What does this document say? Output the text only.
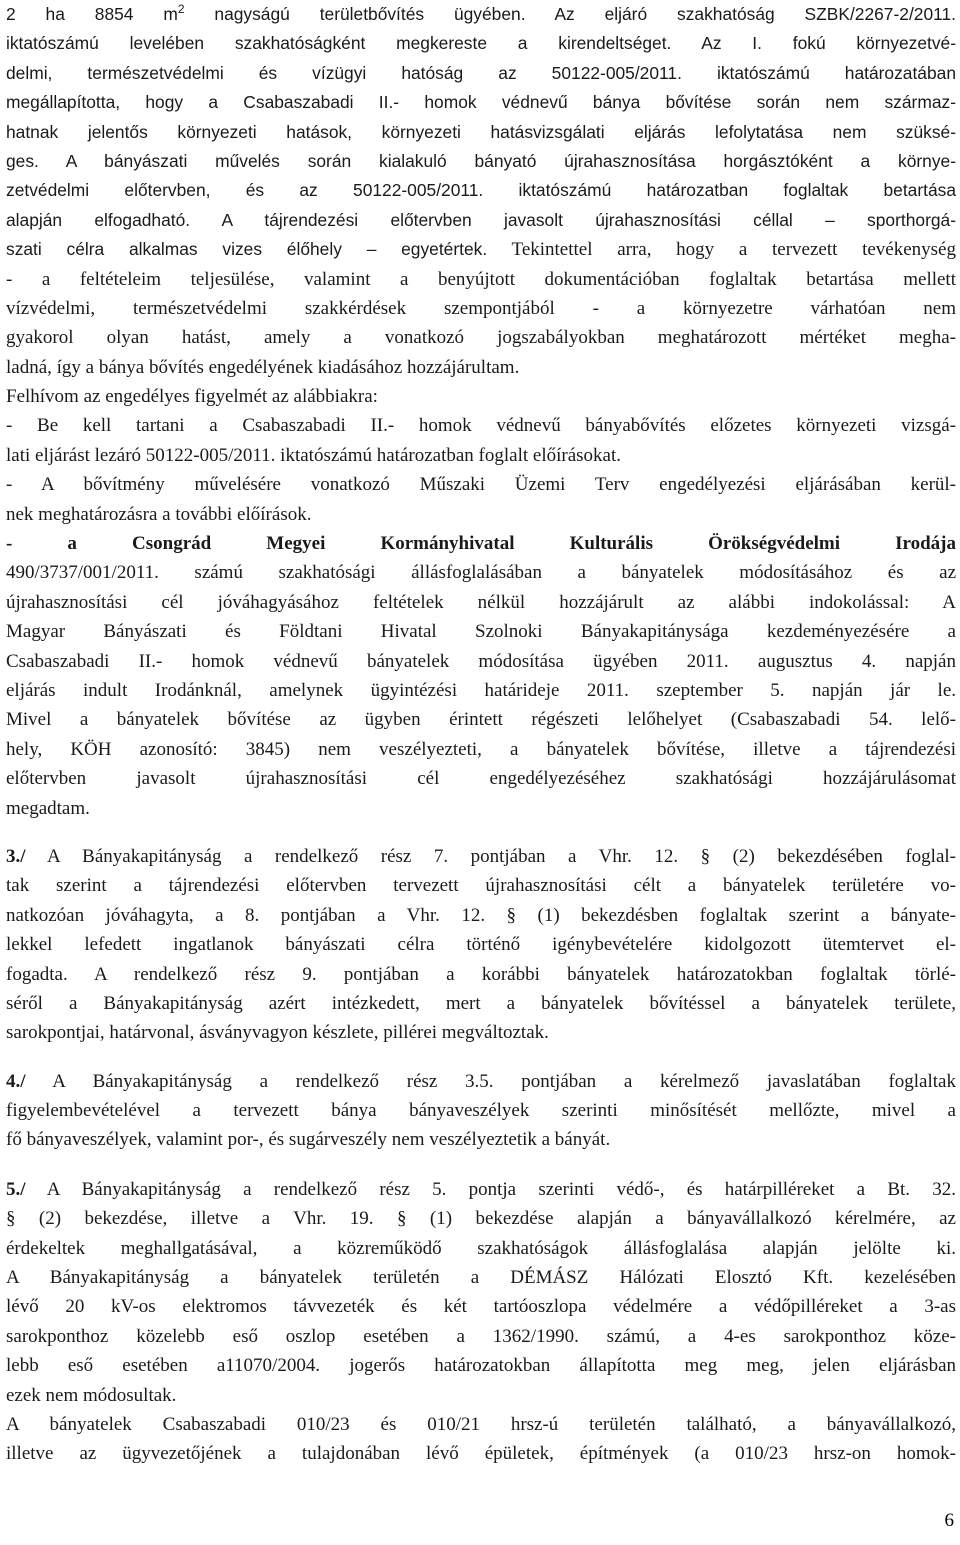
2 ha 8854 $m^2$ nagyságú területbővítés ügyében. Az eljáró szakhatóság SZBK/2267-2/2011.
iktatószámú levelében szakhatóságként megkereste a kirendeltséget. Az I. fokú környezetvé-
delmi, természetvédelmi és vízügyi hatóság az 50122-005/2011. iktatószámú határozatában
megállapította, hogy a Csabaszabadi II.- homok védnevű bánya bővítése során nem származ-
hatnak jelentős környezeti hatások, környezeti hatásvizsgálati eljárás lefolytatása nem szüksé-
ges. A bányászati művelés során kialakuló bányató újrahasznosítása horgásztóként a környe-
zetvédelmi előtervben, és az 50122-005/2011. iktatószámú határozatban foglaltak betartása
alapján elfogadható. A tájrendezési előtervben javasolt újrahasznosítási céllal – sporthorgá-
szati célra alkalmas vizes élőhely – egyetértek. Tekintettel arra, hogy a tervezett tevékenység
- a feltételeim teljesülése, valamint a benyújtott dokumentációban foglaltak betartása mellett
vízvédelmi, természetvédelmi szakkérdések szempontjából - a környezetre várhatóan nem
gyakorol olyan hatást, amely a vonatkozó jogszabályokban meghatározott mértéket megha-
ladná, így a bánya bővítés engedélyének kiadásához hozzájárultam.
Felhívom az engedélyes figyelmét az alábbiakra:
- Be kell tartani a Csabaszabadi II.- homok védnevű bányabővítés előzetes környezeti vizsgá-
lati eljárást lezáró 50122-005/2011. iktatószámú határozatban foglalt előírásokat.
- A bővítmény művelésére vonatkozó Műszaki Üzemi Terv engedélyezési eljárásában kerül-
nek meghatározásra a további előírások.
- a Csongrád Megyei Kormányhivatal Kulturális Örökségvédelmi Irodája
490/3737/001/2011. számú szakhatósági állásfoglalásában a bányatelek módosításához és az
újrahasznosítási cél jóváhagyásához feltételek nélkül hozzájárult az alábbi indokolással: A
Magyar Bányászati és Földtani Hivatal Szolnoki Bányakapitánysága kezdeményezésére a
Csabaszabadi II.- homok védnevű bányatelek módosítása ügyében 2011. augusztus 4. napján
eljárás indult Irodánknál, amelynek ügyintézési határideje 2011. szeptember 5. napján jár le.
Mivel a bányatelek bővítése az ügyben érintett régészeti lelőhelyet (Csabaszabadi 54. lelő-
hely, KÖH azonosító: 3845) nem veszélyezteti, a bányatelek bővítése, illetve a tájrendezési
előtervben javasolt újrahasznosítási cél engedélyezéséhez szakhatósági hozzájárulásomat
megadtam.
3./ A Bányakapitányság a rendelkező rész 7. pontjában a Vhr. 12. § (2) bekezdésében foglal-
tak szerint a tájrendezési előtervben tervezett újrahasznosítási célt a bányatelek területére vo-
natkozóan jóváhagyta, a 8. pontjában a Vhr. 12. § (1) bekezdésben foglaltak szerint a bányate-
lekkel lefedett ingatlanok bányászati célra történő igénybevételére kidolgozott ütemtervet el-
fogadta. A rendelkező rész 9. pontjában a korábbi bányatelek határozatokban foglaltak törlé-
séről a Bányakapitányság azért intézkedett, mert a bányatelek bővítéssel a bányatelek területe,
sarokpontjai, határvonal, ásványvagyon készlete, pillérei megváltoztak.
4./ A Bányakapitányság a rendelkező rész 3.5. pontjában a kérelmező javaslatában foglaltak
figyelembevételével a tervezett bánya bányaveszélyek szerinti minősítését mellőzte, mivel a
fő bányaveszélyek, valamint por-, és sugárveszély nem veszélyeztetik a bányát.
5./ A Bányakapitányság a rendelkező rész 5. pontja szerinti védő-, és határpilléreket a Bt. 32.
§ (2) bekezdése, illetve a Vhr. 19. § (1) bekezdése alapján a bányavállalkozó kérelmére, az
érdekeltek meghallgatásával, a közreműködő szakhatóságok állásfoglalása alapján jelölte ki.
A Bányakapitányság a bányatelek területén a DÉMÁSZ Hálózati Elosztó Kft. kezelésében
lévő 20 kV-os elektromos távvezeték és két tartóoszlopa védelmére a védőpilléreket a 3-as
sarokponthoz közelebb eső oszlop esetében a 1362/1990. számú, a 4-es sarokponthoz köze-
lebb eső esetében a11070/2004. jogerős határozatokban állapította meg meg, jelen eljárásban
ezek nem módosultak.
A bányatelek Csabaszabadi 010/23 és 010/21 hrsz-ú területén található, a bányavállalkozó,
illetve az ügyvezetőjének a tulajdonában lévő épületek, építmények (a 010/23 hrsz-on homok-
6
